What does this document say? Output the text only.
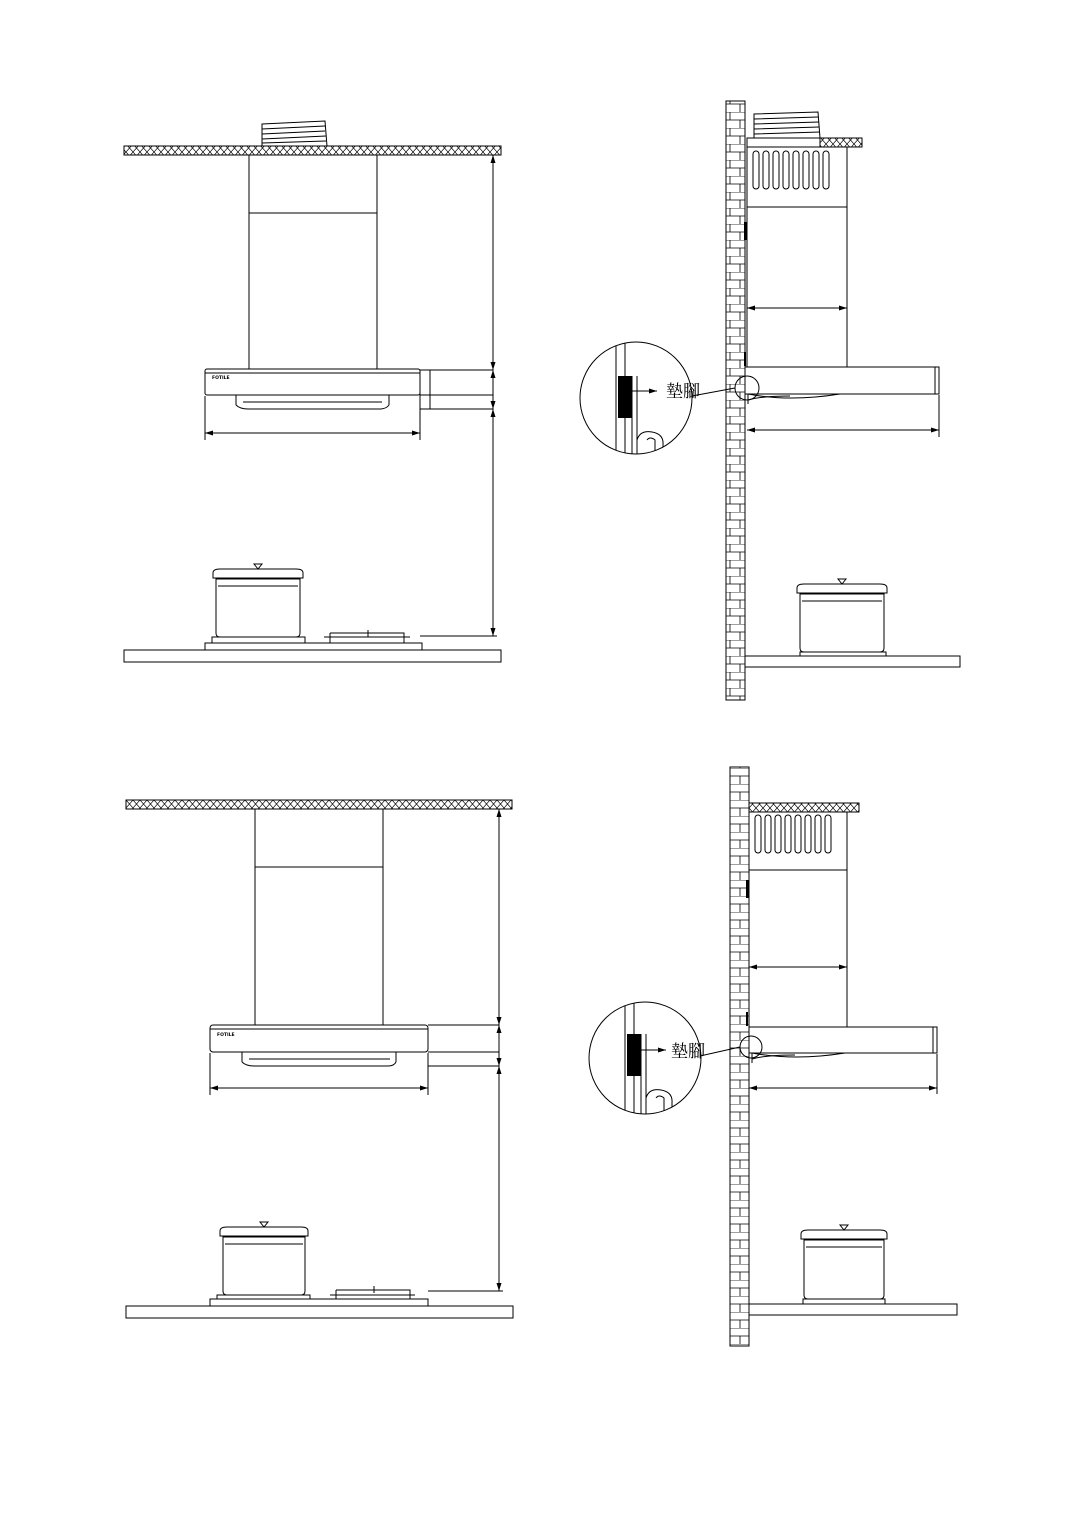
FOTILE
墊腳
FOTILE
墊腳
